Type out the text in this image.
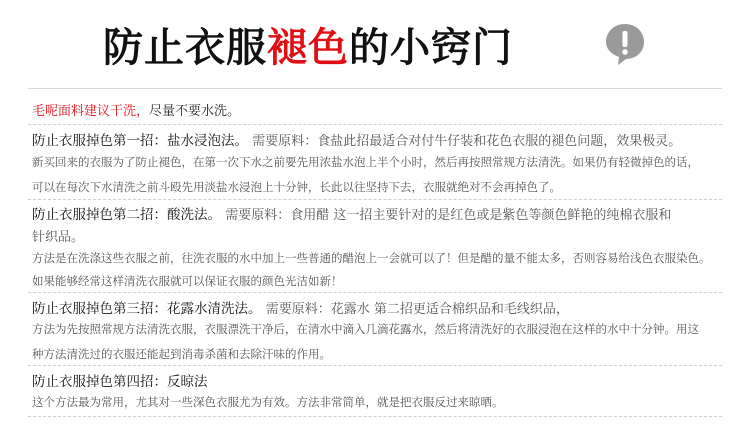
防止衣服褪色的小窍门
毛呢面料建议干洗，尽量不要水洗。
防止衣服掉色第一招：盐水浸泡法。 需要原料：食盐此招最适合对付牛仔装和花色衣服的褪色问题，效果极灵。
新买回来的衣服为了防止褪色，在第一次下水之前要先用浓盐水泡上半个小时，然后再按照常规方法清洗。如果仍有轻微掉色的话，
可以在每次下水清洗之前斗殴先用淡盐水浸泡上十分钟，长此以往坚持下去，衣服就绝对不会再掉色了。
防止衣服掉色第二招：酸洗法。 需要原料：食用醋 这一招主要针对的是红色或是紫色等颜色鲜艳的纯棉衣服和
针织品。
方法是在洗涤这些衣服之前，往洗衣服的水中加上一些普通的醋泡上一会就可以了！但是醋的量不能太多，否则容易给浅色衣服染色。
如果能够经常这样清洗衣服就可以保证衣服的颜色光洁如新！
防止衣服掉色第三招：花露水清洗法。 需要原料：花露水 第二招更适合棉织品和毛线织品，
方法为先按照常规方法清洗衣服，衣服漂洗干净后，在清水中滴入几滴花露水，然后将清洗好的衣服浸泡在这样的水中十分钟。用这
种方法清洗过的衣服还能起到消毒杀菌和去除汗味的作用。
防止衣服掉色第四招：反晾法
这个方法最为常用，尤其对一些深色衣服尤为有效。方法非常简单，就是把衣服反过来晾晒。
